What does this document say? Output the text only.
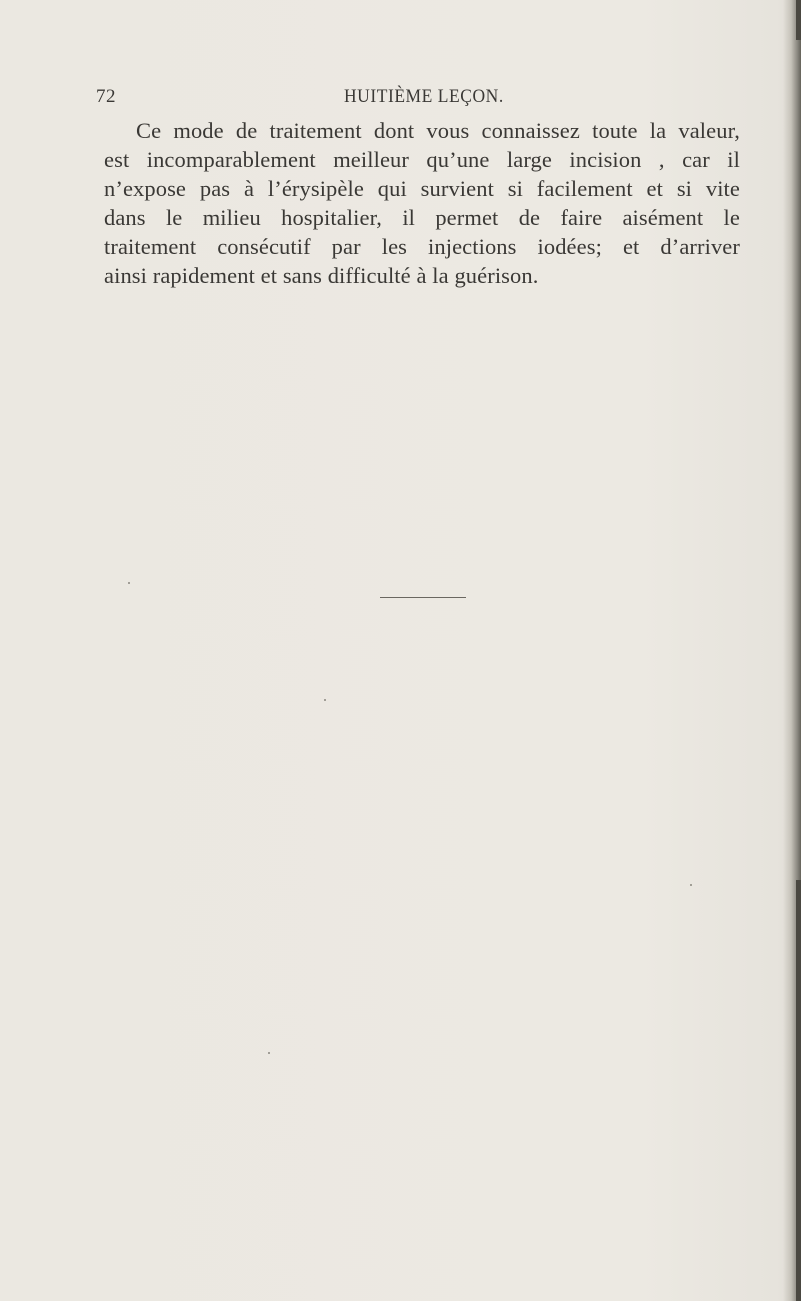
72	HUITIÈME LEÇON.
Ce mode de traitement dont vous connaissez toute la valeur,
est incomparablement meilleur qu’une large incision , car il
n’expose pas à l’érysipèle qui survient si facilement et si vite
dans le milieu hospitalier, il permet de faire aisément le
traitement consécutif par les injections iodées; et d’arriver
ainsi rapidement et sans difficulté à la guérison.
